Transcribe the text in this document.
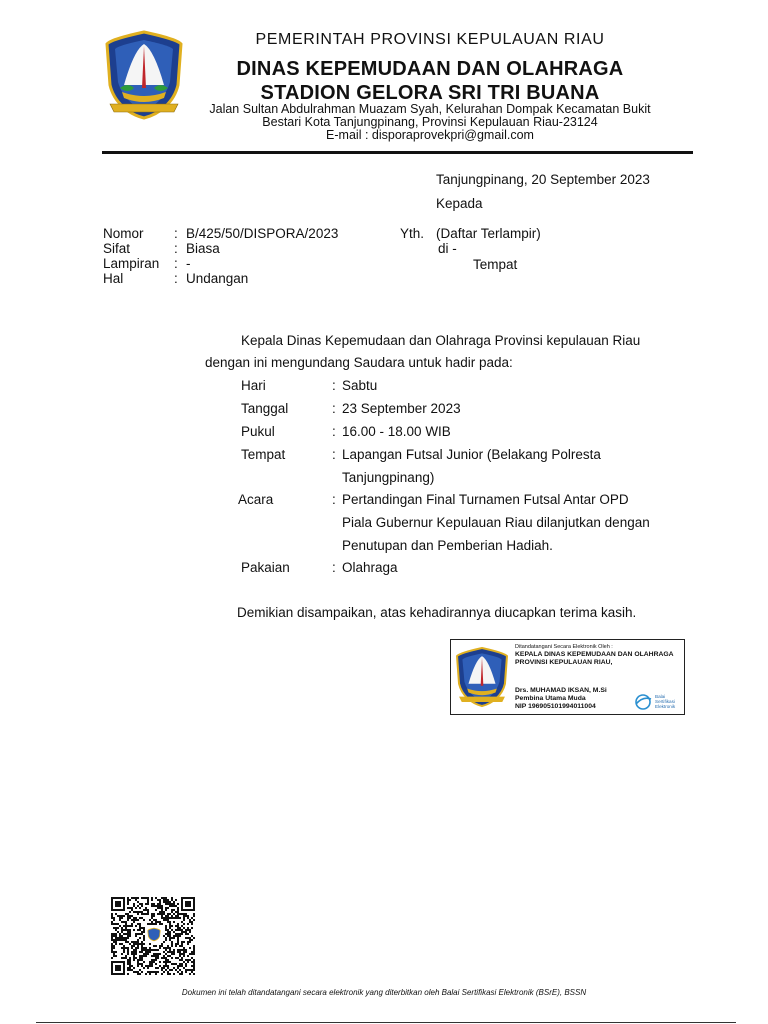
PEMERINTAH PROVINSI KEPULAUAN RIAU
DINAS KEPEMUDAAN DAN OLAHRAGA
STADION GELORA SRI TRI BUANA
Jalan Sultan Abdulrahman Muazam Syah, Kelurahan Dompak Kecamatan Bukit
Bestari Kota Tanjungpinang, Provinsi Kepulauan Riau-23124
E-mail : disporaprovekpri@gmail.com
Tanjungpinang, 20 September 2023
Kepada
Nomor	: B/425/50/DISPORA/2023
Sifat	: Biasa
Lampiran	: -
Hal	: Undangan
Yth. (Daftar Terlampir)
di -
Tempat
Kepala Dinas Kepemudaan dan Olahraga Provinsi kepulauan Riau
dengan ini mengundang Saudara untuk hadir pada:
Hari	: Sabtu
Tanggal	: 23 September 2023
Pukul	: 16.00 - 18.00 WIB
Tempat	: Lapangan Futsal Junior (Belakang Polresta
Tanjungpinang)
Acara	: Pertandingan Final Turnamen Futsal Antar OPD
Piala Gubernur Kepulauan Riau dilanjutkan dengan
Penutupan dan Pemberian Hadiah.
Pakaian	: Olahraga
Demikian disampaikan, atas kehadirannya diucapkan terima kasih.
Ditandatangani Secara Elektronik Oleh :
KEPALA DINAS KEPEMUDAAN DAN OLAHRAGA
PROVINSI KEPULAUAN RIAU,
Drs. MUHAMAD IKSAN, M.Si
Pembina Utama Muda
NIP 196905101994011004
Balai
Sertifikasi
Elektronik
Dokumen ini telah ditandatangani secara elektronik yang diterbitkan oleh Balai Sertifikasi Elektronik (BSrE), BSSN
